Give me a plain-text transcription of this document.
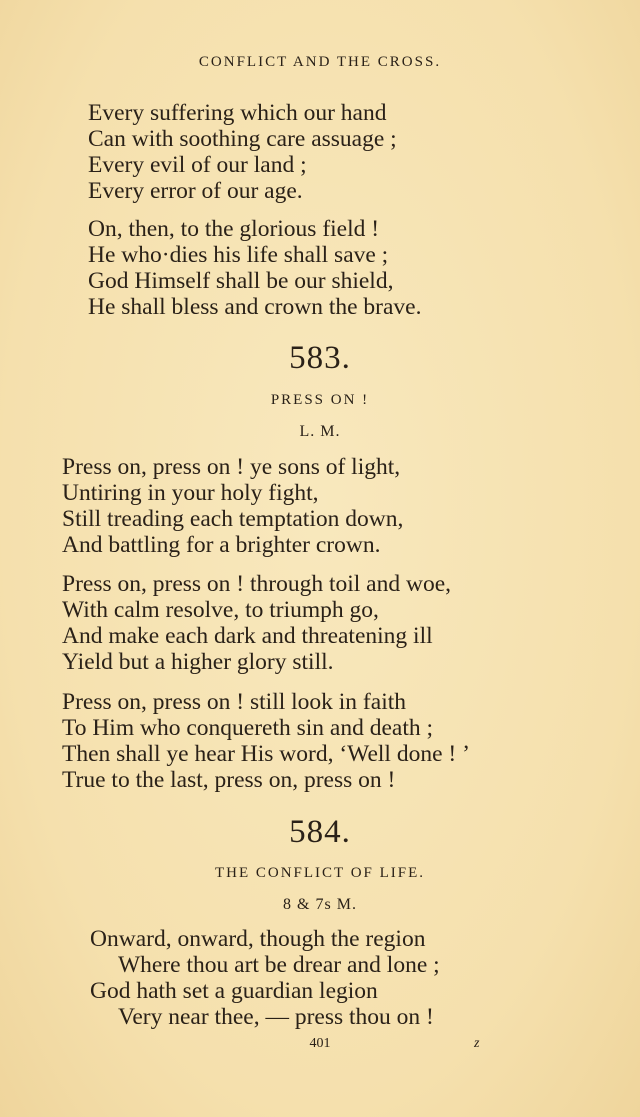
CONFLICT AND THE CROSS.
Every suffering which our hand
Can with soothing care assuage ;
Every evil of our land ;
Every error of our age.
On, then, to the glorious field !
He who·dies his life shall save ;
God Himself shall be our shield,
He shall bless and crown the brave.
583.
PRESS ON !
L. M.
Press on, press on ! ye sons of light,
Untiring in your holy fight,
Still treading each temptation down,
And battling for a brighter crown.
Press on, press on ! through toil and woe,
With calm resolve, to triumph go,
And make each dark and threatening ill
Yield but a higher glory still.
Press on, press on ! still look in faith
To Him who conquereth sin and death ;
Then shall ye hear His word, ‘Well done ! ’
True to the last, press on, press on !
584.
THE CONFLICT OF LIFE.
8 & 7s M.
Onward, onward, though the region
Where thou art be drear and lone ;
God hath set a guardian legion
Very near thee, — press thou on !
401	z
